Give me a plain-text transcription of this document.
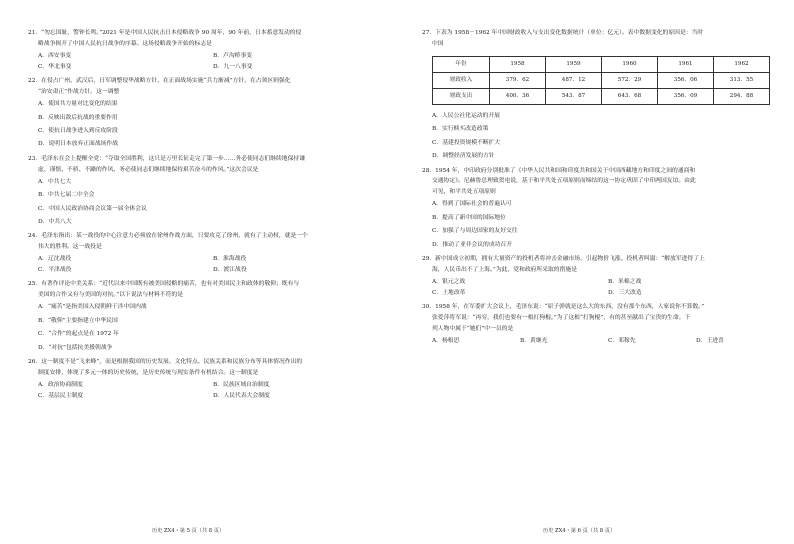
21．“勿忘国耻，警钟长鸣。”2021 年是中国人民抗击日本侵略战争 90 周年，90 年前，日本蓄意发动的侵
略战争揭开了中国人民抗日战争的序幕。这场侵略战争开始的标志是
A．西安事变	B．卢沟桥事变
C．华北事变	D．九一八事变
22．在侵占广州、武汉后，日军调整侵华战略方针，在正面战场实施“兵力渐减”方针，在占领区则强化
“治安肃正”作战方针。这一调整
A．使国共力量对比变化的结果
B．反映出敌后抗战的重要作用
C．使抗日战争进入到反攻阶段
D．说明日本放弃正面战场作战
23．毛泽东在会上提醒全党：“夺取全国胜利，这只是万里长征走完了第一步……务必使同志们继续地保持谦
虚、谨慎、不骄、不躁的作风，务必使同志们继续地保持艰苦奋斗的作风。”这次会议是
A．中共七大
B．中共七届二中全会
C．中国人民政治协商会议第一届全体会议
D．中共八大
24．毛泽东指出：某一战役的中心注意力必须放在徐州作战方面，只要攻克了徐州，就有了主动权，就是一个
伟大的胜利。这一战役是
A．辽沈战役	B．淮海战役
C．平津战役	D．渡江战役
25．有著作评论中美关系：“近代以来中国既有被美国侵略的痛苦，也有对美国民主和政体的敬仰；既有与
美国的合作又有与美国的对抗。”以下说法与材料不符的是
A．“痛苦”是指美国入侵朝鲜干涉中国内战
B．“敬仰”主要指建立中华民国
C．“合作”的起点是在 1972 年
D．“对抗”包括抗美援朝战争
26．这一制度不是“飞来峰”，而是根据我国的历史发展、文化特点、民族关系和民族分布等具体情况作出的
制度安排，体现了多元一体的历史传统，是历史传统与现实条件有机结合。这一制度是
A．政治协商制度	B．民族区域自治制度
C．基层民主制度	D．人民代表大会制度
27．下表为 1958－1962 年中国财政收入与支出变化数据统计（单位：亿元）。表中数据变化的原因是：当时
中国
年份	1958	1959	1960	1961	1962
财政收入	379．62	487．12	572．29	356．06	313．55
财政支出	400．36	543．87	643．68	356．09	294．88
A．人民公社化运动的开展
B．实行赎买改造政策
C．基建投资规模不断扩大
D．调整经济发展的方针
28．1954 年，中印政府分别批准了《中华人民共和国和印度共和国关于中国西藏地方和印度之间的通商和
交通协定》。尼赫鲁总理致贺电说，基于和平共处五项原则而缔结的这一协定巩固了中印两国友谊。由此
可见，和平共处五项原则
A．得到了国际社会的普遍认可
B．提高了新中国的国际地位
C．加强了与周边国家的友好交往
D．推动了亚非会议的成功召开
29．新中国成立初期，拥有大量资产的投机者将冲击金融市场，引起物价飞涨。投机者叫嚣：“解放军进得了上
海，人民币出不了上海。”为此，党和政府所采取的措施是
A．银元之战	B．米棉之战
C．土地改革	D．三大改造
30．1958 年，在军委扩大会议上，毛泽东说：“原子弹就是这么大的东西，没有那个东西，人家说你不算数。”
张爱萍将军说：“再穷，我们也要有一根打狗棍。”为了这根“打狗棍”，有的甚至献出了宝贵的生命。下
列人物中属于“她们”中一员的是
A．杨根思	B．黄继光	C．邓稼先	D．王进喜
历史 ZX4・第 5 页（共 8 页）	历史 ZX4・第 6 页（共 8 页）
